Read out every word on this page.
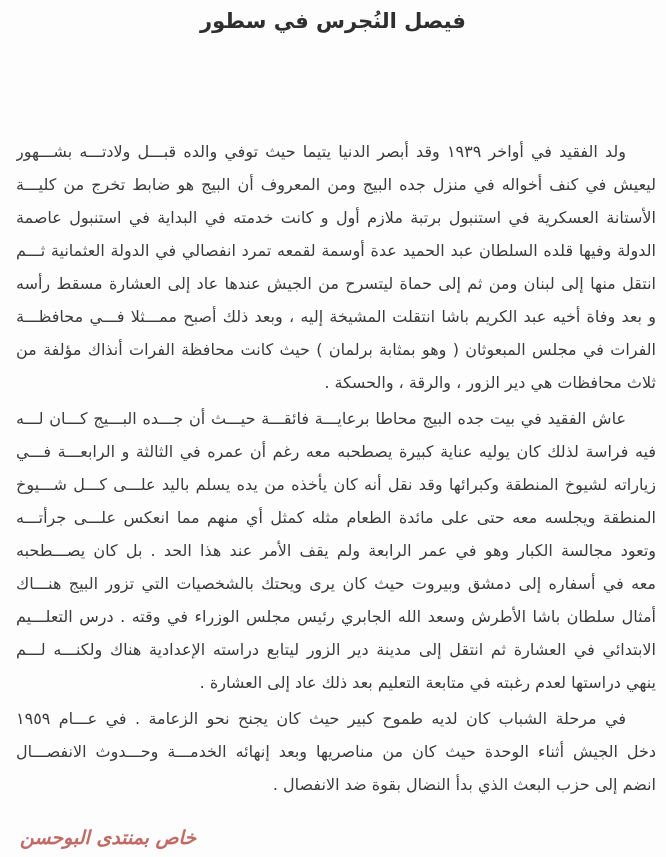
فيصل النُجرس في سطور
ولد الفقيد في أواخر ١٩٣٩ وقد أبصر الدنيا يتيما حيث توفي والده قبـــل ولادتـــه بشـــهور
ليعيش في كنف أخواله في منزل جده البيج ومن المعروف أن البيج هو ضابط تخرج من كليـــة
الأستانة العسكرية في استنبول برتبة ملازم أول و كانت خدمته في البداية في استنبول عاصمة
الدولة وفيها قلده السلطان عبد الحميد عدة أوسمة لقمعه تمرد انفصالي في الدولة العثمانية ثـــم
انتقل منها إلى لبنان ومن ثم إلى حماة ليتسرح من الجيش عندها عاد إلى العشارة مسقط رأسه
و بعد وفاة أخيه عبد الكريم باشا انتقلت المشيخة إليه ، وبعد ذلك أصبح ممـــثلا فـــي محافظـــة
الفرات في مجلس المبعوثان ( وهو بمثابة برلمان ) حيث كانت محافظة الفرات أنذاك مؤلفة من
ثلاث محافظات هي دير الزور ، والرقة ، والحسكة .
عاش الفقيد في بيت جده البيج محاطا برعايـــة فائقـــة حيـــث أن جـــده البـــيج كـــان لـــه
فيه فراسة لذلك كان يوليه عناية كبيرة يصطحبه معه رغم أن عمره في الثالثة و الرابعـــة فـــي
زياراته لشيوخ المنطقة وكبرائها وقد نقل أنه كان يأخذه من يده يسلم باليد علـــى كـــل شـــيوخ
المنطقة ويجلسه معه حتى على مائدة الطعام مثله كمثل أي منهم مما انعكس علـــى جرأتـــه
وتعود مجالسة الكبار وهو في عمر الرابعة ولم يقف الأمر عند هذا الحد . بل كان يصـــطحبه
معه في أسفاره إلى دمشق وبيروت حيث كان يرى ويحتك بالشخصيات التي تزور البيج هنـــاك
أمثال سلطان باشا الأطرش وسعد الله الجابري رئيس مجلس الوزراء في وقته . درس التعلـــيم
الابتدائي في العشارة ثم انتقل إلى مدينة دير الزور ليتابع دراسته الإعدادية هناك ولكنـــه لـــم
ينهي دراستها لعدم رغبته في متابعة التعليم بعد ذلك عاد إلى العشارة .
في مرحلة الشباب كان لديه طموح كبير حيث كان يجنح نحو الزعامة . في عـــام ١٩٥٩
دخل الجيش أثناء الوحدة حيث كان من مناصريها وبعد إنهائه الخدمـــة وحـــدوث الانفصـــال
انضم إلى حزب البعث الذي بدأ النضال بقوة ضد الانفصال .
خاص بمنتدى البوحسن
